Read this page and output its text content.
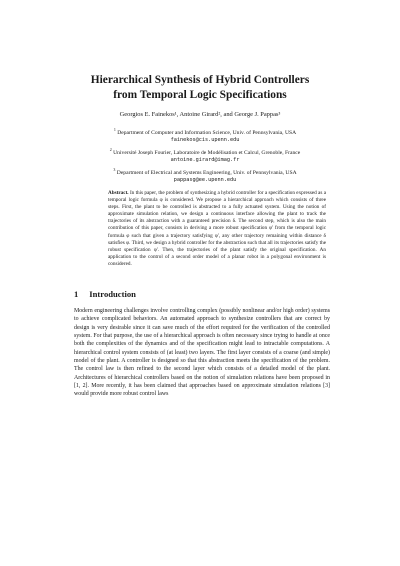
Hierarchical Synthesis of Hybrid Controllers
from Temporal Logic Specifications
Georgios E. Fainekos¹, Antoine Girard², and George J. Pappas³
$^1$ Department of Computer and Information Science, Univ. of Pennsylvania, USA
fainekos@cis.upenn.edu
$^2$ Université Joseph Fourier, Laboratoire de Modélisation et Calcul, Grenoble, France
antoine.girard@imag.fr
$^3$ Department of Electrical and Systems Engineering, Univ. of Pennsylvania, USA
pappasg@ee.upenn.edu
Abstract. In this paper, the problem of synthesizing a hybrid controller for a specification expressed as a temporal logic formula φ is considered. We propose a hierarchical approach which consists of three steps. First, the plant to be controlled is abstracted to a fully actuated system. Using the notion of approximate simulation relation, we design a continuous interface allowing the plant to track the trajectories of its abstraction with a guaranteed precision δ. The second step, which is also the main contribution of this paper, consists in deriving a more robust specification φ′ from the temporal logic formula φ such that given a trajectory satisfying φ′, any other trajectory remaining within distance δ satisfies φ. Third, we design a hybrid controller for the abstraction such that all its trajectories satisfy the robust specification φ′. Then, the trajectories of the plant satisfy the original specification. An application to the control of a second order model of a planar robot in a polygonal environment is considered.
1 Introduction
Modern engineering challenges involve controlling complex (possibly nonlinear and/or high order) systems to achieve complicated behaviors. An automated approach to synthesize controllers that are correct by design is very desirable since it can save much of the effort required for the verification of the controlled system. For that purpose, the use of a hierarchical approach is often necessary since trying to handle at once both the complexities of the dynamics and of the specification might lead to intractable computations. A hierarchical control system consists of (at least) two layers. The first layer consists of a coarse (and simple) model of the plant. A controller is designed so that this abstraction meets the specification of the problem. The control law is then refined to the second layer which consists of a detailed model of the plant. Architectures of hierarchical controllers based on the notion of simulation relations have been proposed in [1, 2]. More recently, it has been claimed that approaches based on approximate simulation relations [3] would provide more robust control laws
